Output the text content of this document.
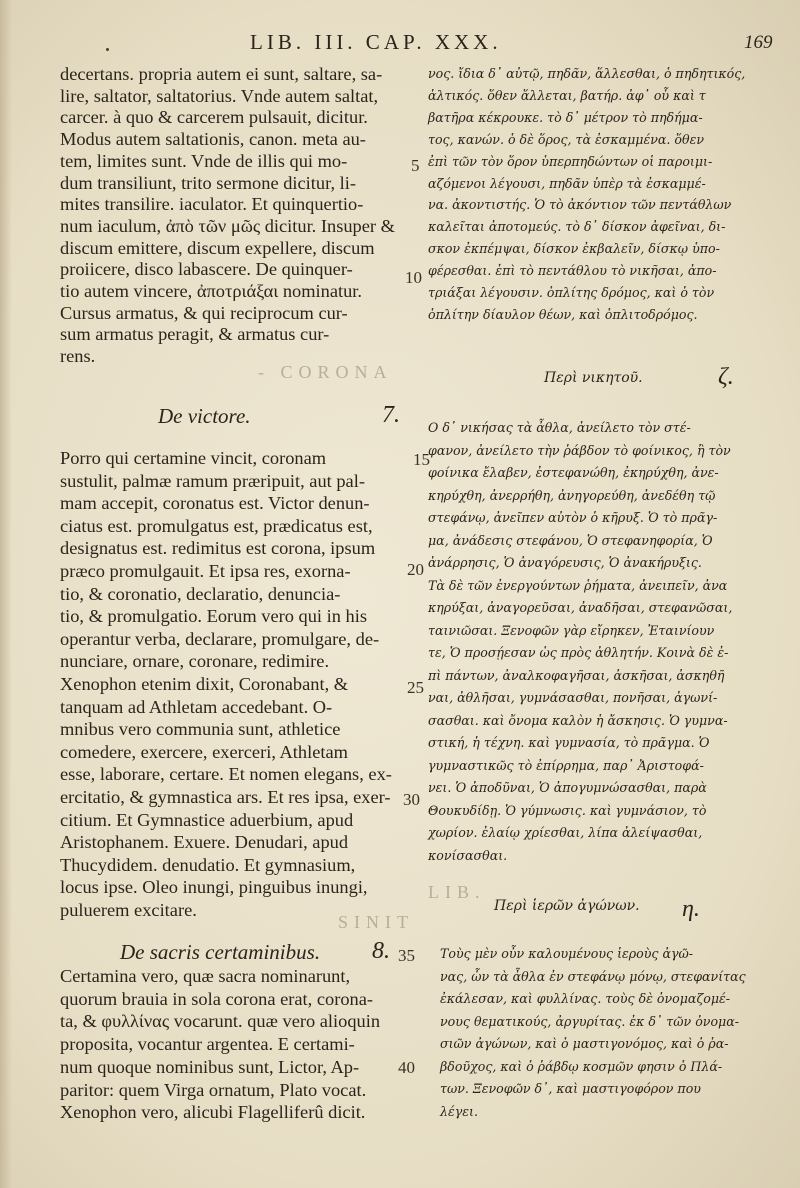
LIB. III. CAP. XXX.	169
decertans. propria autem ei sunt, saltare, sa-
lire, saltator, saltatorius. Vnde autem saltat,
carcer. à quo & carcerem pulsauit, dicitur.
Modus autem saltationis, canon. meta au-
tem, limites sunt. Vnde de illis qui mo-
dum transiliunt, trito sermone dicitur, li-
mites transilire. iaculator. Et quinquertio-
num iaculum, ἀπὸ τῶν μῶς dicitur. Insuper &
discum emittere, discum expellere, discum
proiicere, disco labascere. De quinquer-
tio autem vincere, ἀποτριάξαι nominatur.
Cursus armatus, & qui reciprocum cur-
sum armatus peragit, & armatus cur-
rens.
Porro qui certamine vincit, coronam
sustulit, palmæ ramum præripuit, aut pal-
mam accepit, coronatus est. Victor denun-
ciatus est. promulgatus est, prædicatus est,
designatus est. redimitus est corona, ipsum
præco promulgauit. Et ipsa res, exorna-
tio, & coronatio, declaratio, denuncia-
tio, & promulgatio. Eorum vero qui in his
operantur verba, declarare, promulgare, de-
nunciare, ornare, coronare, redimire.
Xenophon etenim dixit, Coronabant, &
tanquam ad Athletam accedebant. O-
mnibus vero communia sunt, athletice
comedere, exercere, exerceri, Athletam
esse, laborare, certare. Et nomen elegans, ex-
ercitatio, & gymnastica ars. Et res ipsa, exer-
citium. Et Gymnastice aduerbium, apud
Aristophanem. Exuere. Denudari, apud
Thucydidem. denudatio. Et gymnasium,
locus ipse. Oleo inungi, pinguibus inungi,
puluerem excitare.
Certamina vero, quæ sacra nominarunt,
quorum brauia in sola corona erat, corona-
ta, & φυλλίνας vocarunt. quæ vero alioquin
proposita, vocantur argentea. E certami-
num quoque nominibus sunt, Lictor, Ap-
paritor: quem Virga ornatum, Plato vocat.
Xenophon vero, alicubi Flagelliferû dicit.
De victore.	7.
De sacris certaminibus. 8.
νος. ἴδια δ᾽ αὐτῷ, πηδᾶν, ἅλλεσθαι, ὁ πηδητικός,
ἁλτικός. ὅθεν ἅλλεται, βατήρ. ἀφ᾽ οὗ καὶ τ
βατῆρα κέκρουκε. τὸ δ᾽ μέτρον τὸ πηδήμα-
τος, κανών. ὁ δὲ ὅρος, τὰ ἐσκαμμένα. ὅθεν
ἐπὶ τῶν τὸν ὅρον ὑπερπηδώντων οἱ παροιμι-
αζόμενοι λέγουσι, πηδᾶν ὑπὲρ τὰ ἐσκαμμέ-
να. ἀκοντιστής. Ὁ τὸ ἀκόντιον τῶν πεντάθλων
καλεῖται ἀποτομεύς. τὸ δ᾽ δίσκον ἀφεῖναι, δι-
σκον ἐκπέμψαι, δίσκον ἐκβαλεῖν, δίσκῳ ὑπο-
φέρεσθαι. ἐπὶ τὸ πεντάθλου τὸ νικῆσαι, ἀπο-
τριάξαι λέγουσιν. ὁπλίτης δρόμος, καὶ ὁ τὸν
ὁπλίτην δίαυλον θέων, καὶ ὁπλιτοδρόμος.
Ο δ᾽ νικήσας τὰ ἆθλα, ἀνείλετο τὸν στέ-
φανον, ἀνείλετο τὴν ῥάβδον τὸ φοίνικος, ἢ τὸν
φοίνικα ἔλαβεν, ἐστεφανώθη, ἐκηρύχθη, ἀνε-
κηρύχθη, ἀνερρήθη, ἀνηγορεύθη, ἀνεδέθη τῷ
στεφάνῳ, ἀνεῖπεν αὐτὸν ὁ κῆρυξ. Ὁ τὸ πρᾶγ-
μα, ἀνάδεσις στεφάνου, Ὁ στεφανηφορία, Ὁ
ἀνάρρησις, Ὁ ἀναγόρευσις, Ὁ ἀνακήρυξις.
Τὰ δὲ τῶν ἐνεργούντων ῥήματα, ἀνειπεῖν, ἀνα
κηρύξαι, ἀναγορεῦσαι, ἀναδῆσαι, στεφανῶσαι,
ταινιῶσαι. Ξενοφῶν γὰρ εἴρηκεν, Ἐταινίουν
τε, Ὁ προσῄεσαν ὡς πρὸς ἀθλητήν. Κοινὰ δὲ ἐ-
πὶ πάντων, ἀναλκοφαγῆσαι, ἀσκῆσαι, ἀσκηθῆ
ναι, ἀθλῆσαι, γυμνάσασθαι, πονῆσαι, ἀγωνί-
σασθαι. καὶ ὄνομα καλὸν ἡ ἄσκησις. Ὁ γυμνα-
στική, ἡ τέχνη. καὶ γυμνασία, τὸ πρᾶγμα. Ὁ
γυμναστικῶς τὸ ἐπίρρημα, παρ᾽ Ἀριστοφά-
νει. Ὁ ἀποδῦναι, Ὁ ἀπογυμνώσασθαι, παρὰ
Θουκυδίδῃ. Ὁ γύμνωσις. καὶ γυμνάσιον, τὸ
χωρίον. ἐλαίῳ χρίεσθαι, λίπα ἀλείψασθαι,
κονίσασθαι.
Τοὺς μὲν οὖν καλουμένους ἱεροὺς ἀγῶ-
νας, ὧν τὰ ἆθλα ἐν στεφάνῳ μόνῳ, στεφανίτας
ἐκάλεσαν, καὶ φυλλίνας. τοὺς δὲ ὀνομαζομέ-
νους θεματικούς, ἀργυρίτας. ἐκ δ᾽ τῶν ὀνομα-
σιῶν ἀγώνων, καὶ ὁ μαστιγονόμος, καὶ ὁ ῥα-
βδοῦχος, καὶ ὁ ῥάβδῳ κοσμῶν φησιν ὁ Πλά-
των. Ξενοφῶν δ᾽, καὶ μαστιγοφόρον που
λέγει.
Περὶ νικητοῦ.	ζ.
Περὶ ἱερῶν ἀγώνων. η.
5
10
15
20
25
30
35
40
- CORONA
SINIT
LIB.
